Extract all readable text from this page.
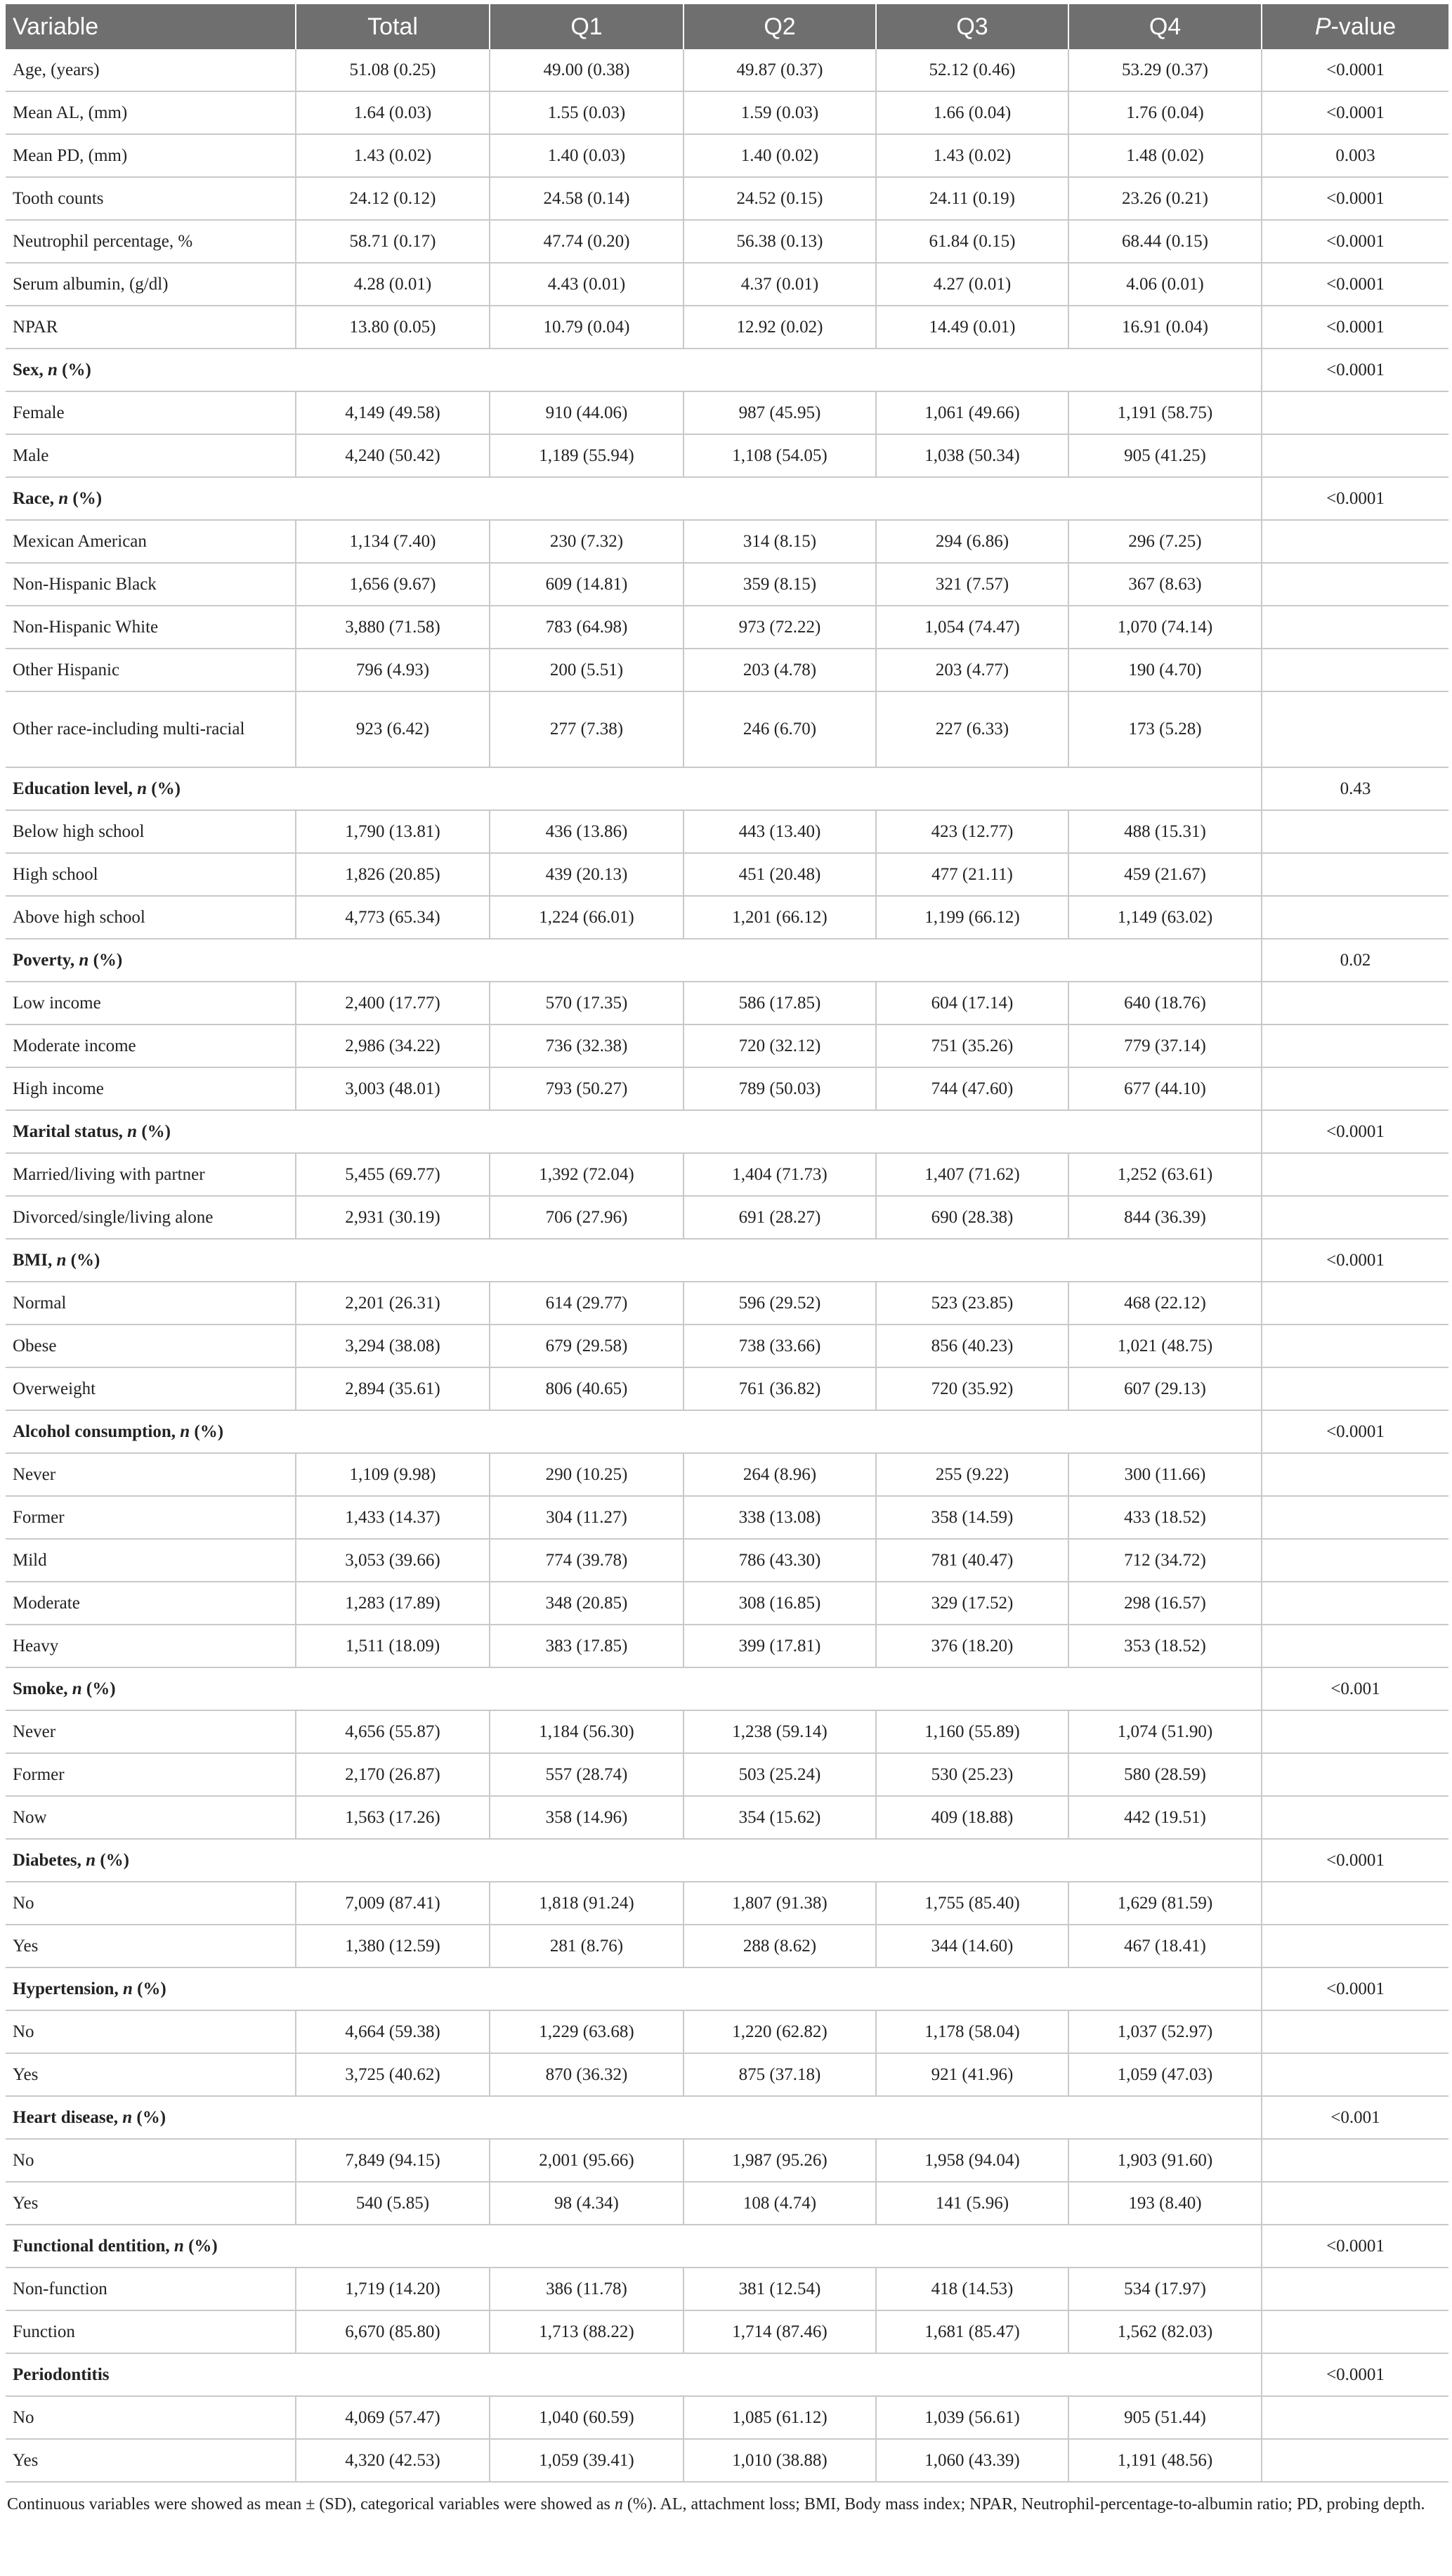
Variable	Total	Q1	Q2	Q3	Q4	P-value
Age, (years)	51.08 (0.25)	49.00 (0.38)	49.87 (0.37)	52.12 (0.46)	53.29 (0.37)	<0.0001
Mean AL, (mm)	1.64 (0.03)	1.55 (0.03)	1.59 (0.03)	1.66 (0.04)	1.76 (0.04)	<0.0001
Mean PD, (mm)	1.43 (0.02)	1.40 (0.03)	1.40 (0.02)	1.43 (0.02)	1.48 (0.02)	0.003
Tooth counts	24.12 (0.12)	24.58 (0.14)	24.52 (0.15)	24.11 (0.19)	23.26 (0.21)	<0.0001
Neutrophil percentage, %	58.71 (0.17)	47.74 (0.20)	56.38 (0.13)	61.84 (0.15)	68.44 (0.15)	<0.0001
Serum albumin, (g/dl)	4.28 (0.01)	4.43 (0.01)	4.37 (0.01)	4.27 (0.01)	4.06 (0.01)	<0.0001
NPAR	13.80 (0.05)	10.79 (0.04)	12.92 (0.02)	14.49 (0.01)	16.91 (0.04)	<0.0001
Sex, n (%)						<0.0001
Female	4,149 (49.58)	910 (44.06)	987 (45.95)	1,061 (49.66)	1,191 (58.75)	
Male	4,240 (50.42)	1,189 (55.94)	1,108 (54.05)	1,038 (50.34)	905 (41.25)	
Race, n (%)						<0.0001
Mexican American	1,134 (7.40)	230 (7.32)	314 (8.15)	294 (6.86)	296 (7.25)	
Non-Hispanic Black	1,656 (9.67)	609 (14.81)	359 (8.15)	321 (7.57)	367 (8.63)	
Non-Hispanic White	3,880 (71.58)	783 (64.98)	973 (72.22)	1,054 (74.47)	1,070 (74.14)	
Other Hispanic	796 (4.93)	200 (5.51)	203 (4.78)	203 (4.77)	190 (4.70)	
Other race-including multi-racial	923 (6.42)	277 (7.38)	246 (6.70)	227 (6.33)	173 (5.28)	
Education level, n (%)						0.43
Below high school	1,790 (13.81)	436 (13.86)	443 (13.40)	423 (12.77)	488 (15.31)	
High school	1,826 (20.85)	439 (20.13)	451 (20.48)	477 (21.11)	459 (21.67)	
Above high school	4,773 (65.34)	1,224 (66.01)	1,201 (66.12)	1,199 (66.12)	1,149 (63.02)	
Poverty, n (%)						0.02
Low income	2,400 (17.77)	570 (17.35)	586 (17.85)	604 (17.14)	640 (18.76)	
Moderate income	2,986 (34.22)	736 (32.38)	720 (32.12)	751 (35.26)	779 (37.14)	
High income	3,003 (48.01)	793 (50.27)	789 (50.03)	744 (47.60)	677 (44.10)	
Marital status, n (%)						<0.0001
Married/living with partner	5,455 (69.77)	1,392 (72.04)	1,404 (71.73)	1,407 (71.62)	1,252 (63.61)	
Divorced/single/living alone	2,931 (30.19)	706 (27.96)	691 (28.27)	690 (28.38)	844 (36.39)	
BMI, n (%)						<0.0001
Normal	2,201 (26.31)	614 (29.77)	596 (29.52)	523 (23.85)	468 (22.12)	
Obese	3,294 (38.08)	679 (29.58)	738 (33.66)	856 (40.23)	1,021 (48.75)	
Overweight	2,894 (35.61)	806 (40.65)	761 (36.82)	720 (35.92)	607 (29.13)	
Alcohol consumption, n (%)						<0.0001
Never	1,109 (9.98)	290 (10.25)	264 (8.96)	255 (9.22)	300 (11.66)	
Former	1,433 (14.37)	304 (11.27)	338 (13.08)	358 (14.59)	433 (18.52)	
Mild	3,053 (39.66)	774 (39.78)	786 (43.30)	781 (40.47)	712 (34.72)	
Moderate	1,283 (17.89)	348 (20.85)	308 (16.85)	329 (17.52)	298 (16.57)	
Heavy	1,511 (18.09)	383 (17.85)	399 (17.81)	376 (18.20)	353 (18.52)	
Smoke, n (%)						<0.001
Never	4,656 (55.87)	1,184 (56.30)	1,238 (59.14)	1,160 (55.89)	1,074 (51.90)	
Former	2,170 (26.87)	557 (28.74)	503 (25.24)	530 (25.23)	580 (28.59)	
Now	1,563 (17.26)	358 (14.96)	354 (15.62)	409 (18.88)	442 (19.51)	
Diabetes, n (%)						<0.0001
No	7,009 (87.41)	1,818 (91.24)	1,807 (91.38)	1,755 (85.40)	1,629 (81.59)	
Yes	1,380 (12.59)	281 (8.76)	288 (8.62)	344 (14.60)	467 (18.41)	
Hypertension, n (%)						<0.0001
No	4,664 (59.38)	1,229 (63.68)	1,220 (62.82)	1,178 (58.04)	1,037 (52.97)	
Yes	3,725 (40.62)	870 (36.32)	875 (37.18)	921 (41.96)	1,059 (47.03)	
Heart disease, n (%)						<0.001
No	7,849 (94.15)	2,001 (95.66)	1,987 (95.26)	1,958 (94.04)	1,903 (91.60)	
Yes	540 (5.85)	98 (4.34)	108 (4.74)	141 (5.96)	193 (8.40)	
Functional dentition, n (%)						<0.0001
Non-function	1,719 (14.20)	386 (11.78)	381 (12.54)	418 (14.53)	534 (17.97)	
Function	6,670 (85.80)	1,713 (88.22)	1,714 (87.46)	1,681 (85.47)	1,562 (82.03)	
Periodontitis						<0.0001
No	4,069 (57.47)	1,040 (60.59)	1,085 (61.12)	1,039 (56.61)	905 (51.44)	
Yes	4,320 (42.53)	1,059 (39.41)	1,010 (38.88)	1,060 (43.39)	1,191 (48.56)	
Continuous variables were showed as mean ± (SD), categorical variables were showed as n (%). AL, attachment loss; BMI, Body mass index; NPAR, Neutrophil-percentage-to-albumin ratio; PD, probing depth.
